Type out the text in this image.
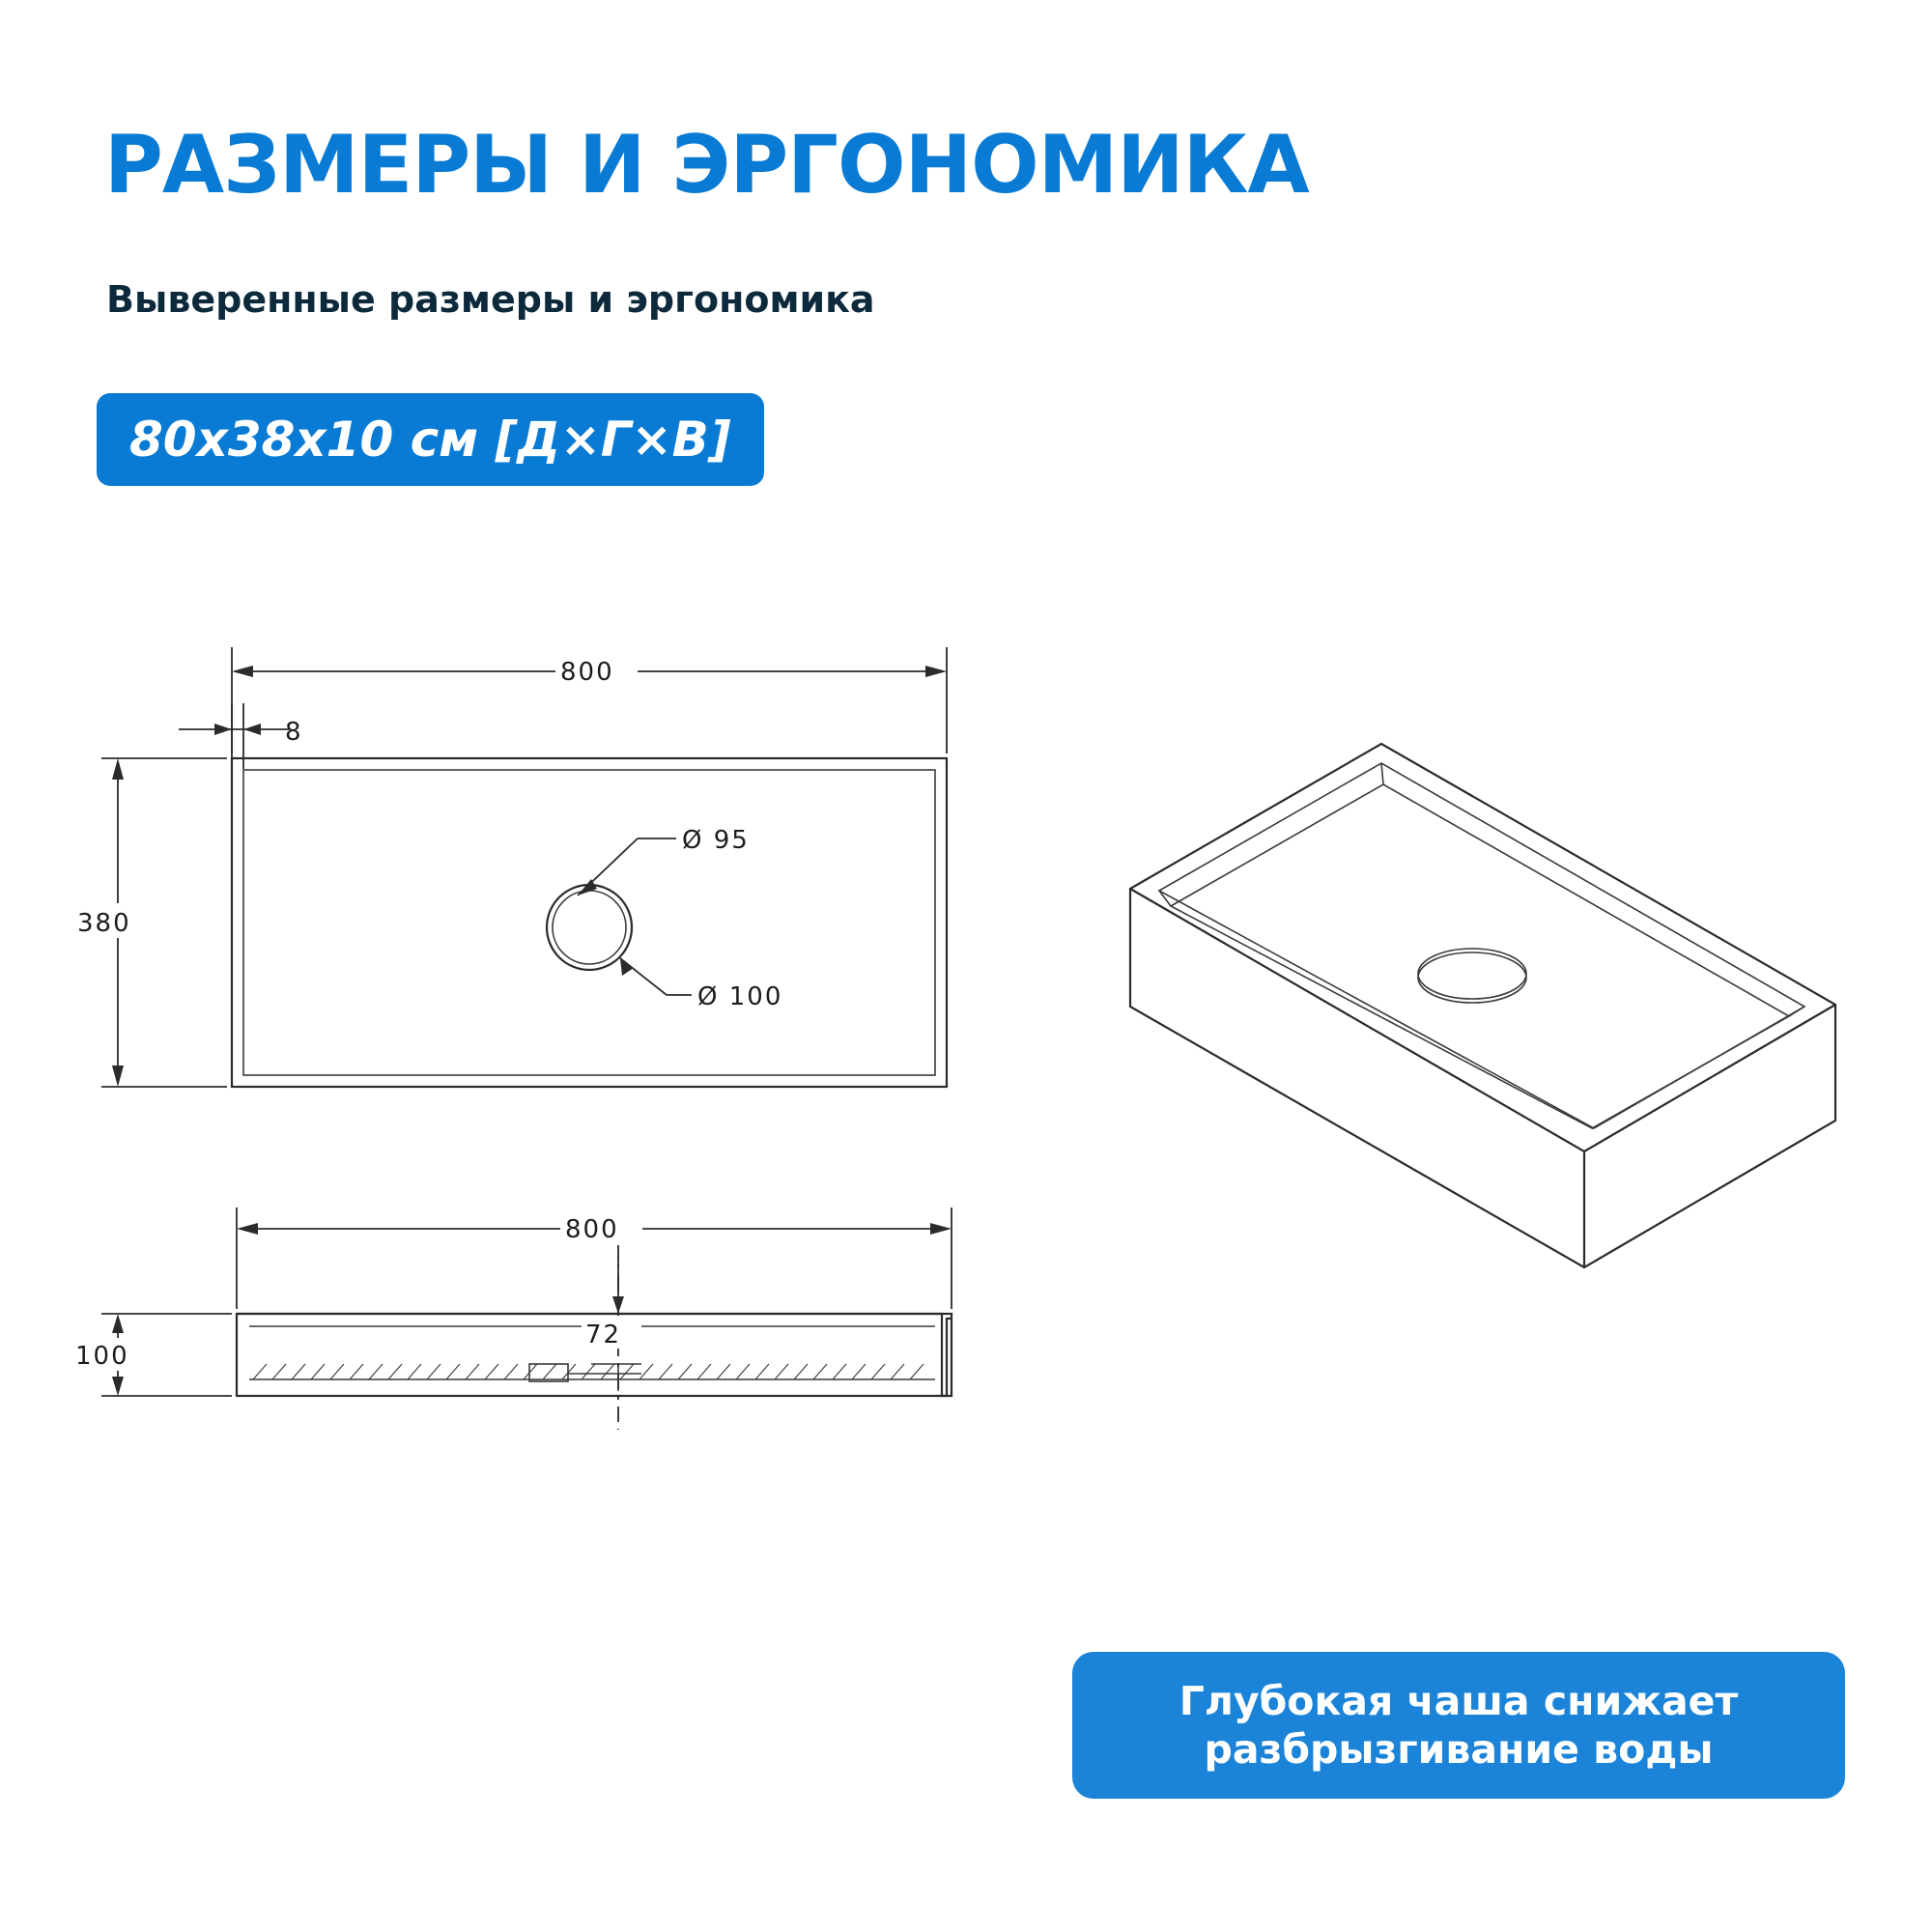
РАЗМЕРЫ И ЭРГОНОМИКА
Выверенные размеры и эргономика
80x38x10 см [Д×Г×В]
800
8
380
Ø 95
Ø 100
800
100
72
Глубокая чаша снижает
разбрызгивание воды
